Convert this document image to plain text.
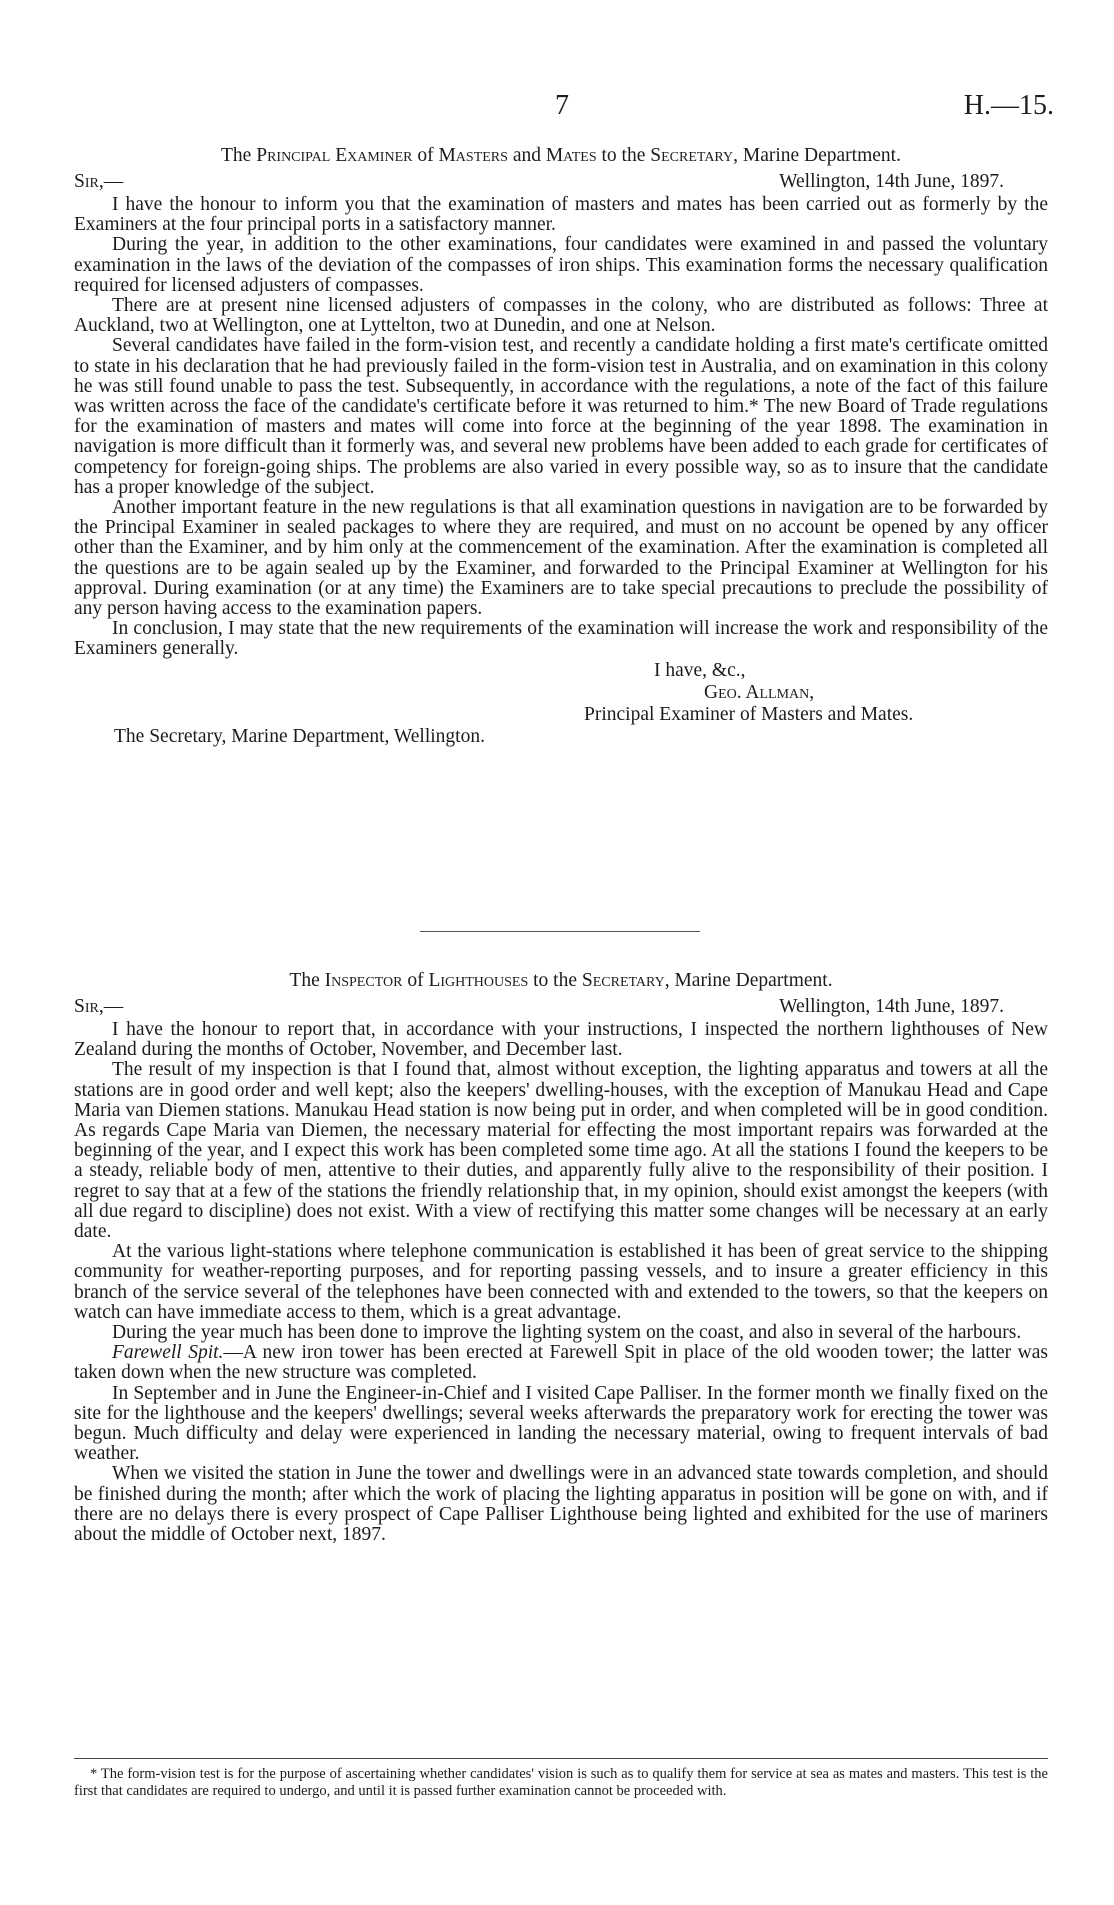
7	H.—15.

The Principal Examiner of Masters and Mates to the Secretary, Marine Department.

Sir,—	Wellington, 14th June, 1897.

I have the honour to inform you that the examination of masters and mates has been carried out as formerly by the Examiners at the four principal ports in a satisfactory manner.

During the year, in addition to the other examinations, four candidates were examined in and passed the voluntary examination in the laws of the deviation of the compasses of iron ships. This examination forms the necessary qualification required for licensed adjusters of compasses.

There are at present nine licensed adjusters of compasses in the colony, who are distributed as follows: Three at Auckland, two at Wellington, one at Lyttelton, two at Dunedin, and one at Nelson.

Several candidates have failed in the form-vision test, and recently a candidate holding a first mate's certificate omitted to state in his declaration that he had previously failed in the form-vision test in Australia, and on examination in this colony he was still found unable to pass the test. Subsequently, in accordance with the regulations, a note of the fact of this failure was written across the face of the candidate's certificate before it was returned to him.* The new Board of Trade regulations for the examination of masters and mates will come into force at the beginning of the year 1898. The examination in navigation is more difficult than it formerly was, and several new problems have been added to each grade for certificates of competency for foreign-going ships. The problems are also varied in every possible way, so as to insure that the candidate has a proper knowledge of the subject.

Another important feature in the new regulations is that all examination questions in navigation are to be forwarded by the Principal Examiner in sealed packages to where they are required, and must on no account be opened by any officer other than the Examiner, and by him only at the commencement of the examination. After the examination is completed all the questions are to be again sealed up by the Examiner, and forwarded to the Principal Examiner at Wellington for his approval. During examination (or at any time) the Examiners are to take special precautions to preclude the possibility of any person having access to the examination papers.

In conclusion, I may state that the new requirements of the examination will increase the work and responsibility of the Examiners generally.

I have, &c.,
Geo. Allman,
Principal Examiner of Masters and Mates.
The Secretary, Marine Department, Wellington.

The Inspector of Lighthouses to the Secretary, Marine Department.

Sir,—	Wellington, 14th June, 1897.

I have the honour to report that, in accordance with your instructions, I inspected the northern lighthouses of New Zealand during the months of October, November, and December last.

The result of my inspection is that I found that, almost without exception, the lighting apparatus and towers at all the stations are in good order and well kept; also the keepers' dwelling-houses, with the exception of Manukau Head and Cape Maria van Diemen stations. Manukau Head station is now being put in order, and when completed will be in good condition. As regards Cape Maria van Diemen, the necessary material for effecting the most important repairs was forwarded at the beginning of the year, and I expect this work has been completed some time ago. At all the stations I found the keepers to be a steady, reliable body of men, attentive to their duties, and apparently fully alive to the responsibility of their position. I regret to say that at a few of the stations the friendly relationship that, in my opinion, should exist amongst the keepers (with all due regard to discipline) does not exist. With a view of rectifying this matter some changes will be necessary at an early date.

At the various light-stations where telephone communication is established it has been of great service to the shipping community for weather-reporting purposes, and for reporting passing vessels, and to insure a greater efficiency in this branch of the service several of the telephones have been connected with and extended to the towers, so that the keepers on watch can have immediate access to them, which is a great advantage.

During the year much has been done to improve the lighting system on the coast, and also in several of the harbours.

Farewell Spit.—A new iron tower has been erected at Farewell Spit in place of the old wooden tower; the latter was taken down when the new structure was completed.

In September and in June the Engineer-in-Chief and I visited Cape Palliser. In the former month we finally fixed on the site for the lighthouse and the keepers' dwellings; several weeks afterwards the preparatory work for erecting the tower was begun. Much difficulty and delay were experienced in landing the necessary material, owing to frequent intervals of bad weather.

When we visited the station in June the tower and dwellings were in an advanced state towards completion, and should be finished during the month; after which the work of placing the lighting apparatus in position will be gone on with, and if there are no delays there is every prospect of Cape Palliser Lighthouse being lighted and exhibited for the use of mariners about the middle of October next, 1897.

* The form-vision test is for the purpose of ascertaining whether candidates' vision is such as to qualify them for service at sea as mates and masters. This test is the first that candidates are required to undergo, and until it is passed further examination cannot be proceeded with.
